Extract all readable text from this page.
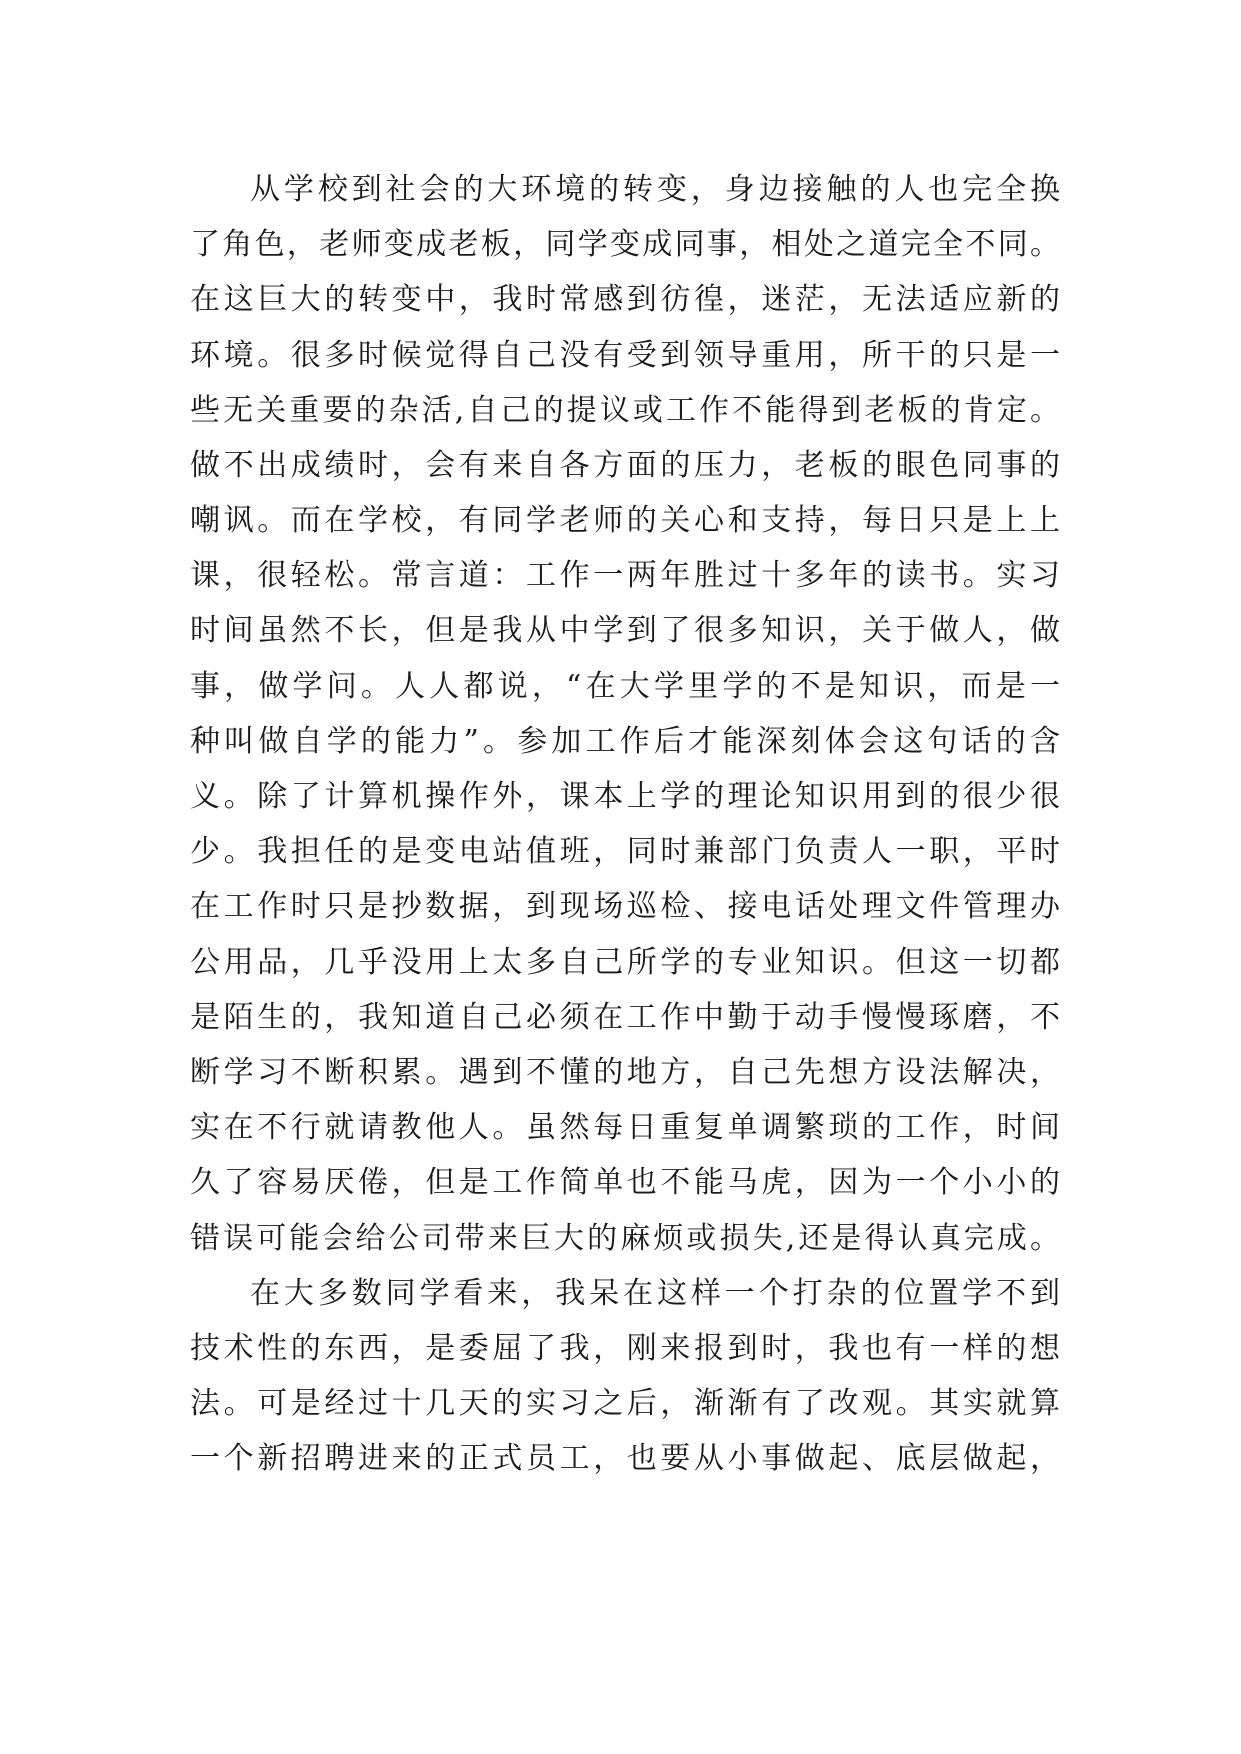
从学校到社会的大环境的转变，身边接触的人也完全换
了角色，老师变成老板，同学变成同事，相处之道完全不同。
在这巨大的转变中，我时常感到彷徨，迷茫，无法适应新的
环境。很多时候觉得自己没有受到领导重用，所干的只是一
些无关重要的杂活,自己的提议或工作不能得到老板的肯定。
做不出成绩时，会有来自各方面的压力，老板的眼色同事的
嘲讽。而在学校，有同学老师的关心和支持，每日只是上上
课，很轻松。常言道：工作一两年胜过十多年的读书。实习
时间虽然不长，但是我从中学到了很多知识，关于做人，做
事，做学问。人人都说，“在大学里学的不是知识，而是一
种叫做自学的能力”。参加工作后才能深刻体会这句话的含
义。除了计算机操作外，课本上学的理论知识用到的很少很
少。我担任的是变电站值班，同时兼部门负责人一职，平时
在工作时只是抄数据，到现场巡检、接电话处理文件管理办
公用品，几乎没用上太多自己所学的专业知识。但这一切都
是陌生的，我知道自己必须在工作中勤于动手慢慢琢磨，不
断学习不断积累。遇到不懂的地方，自己先想方设法解决，
实在不行就请教他人。虽然每日重复单调繁琐的工作，时间
久了容易厌倦，但是工作简单也不能马虎，因为一个小小的
错误可能会给公司带来巨大的麻烦或损失,还是得认真完成。
在大多数同学看来，我呆在这样一个打杂的位置学不到
技术性的东西，是委屈了我，刚来报到时，我也有一样的想
法。可是经过十几天的实习之后，渐渐有了改观。其实就算
一个新招聘进来的正式员工，也要从小事做起、底层做起，
